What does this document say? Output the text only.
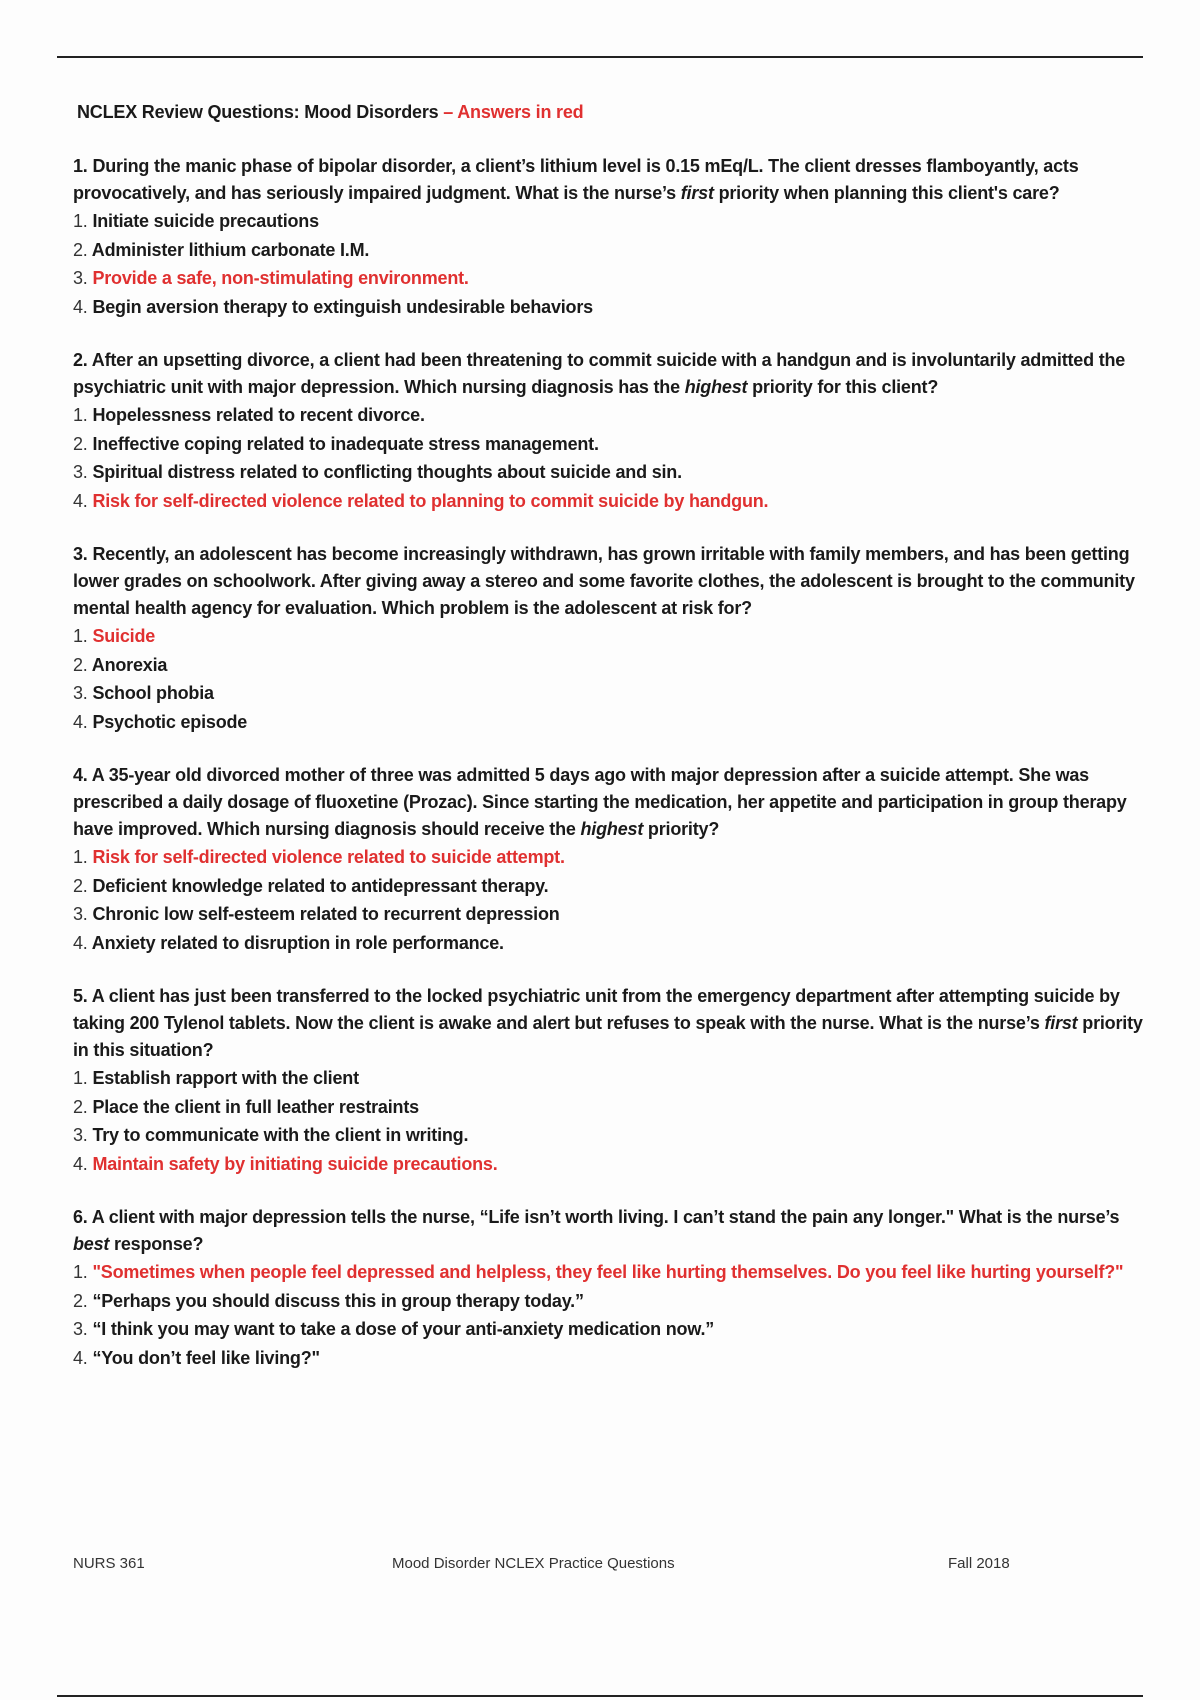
NCLEX Review Questions: Mood Disorders – Answers in red
1. During the manic phase of bipolar disorder, a client’s lithium level is 0.15 mEq/L. The client dresses flamboyantly, acts provocatively, and has seriously impaired judgment. What is the nurse’s first priority when planning this client's care?
1. Initiate suicide precautions
2. Administer lithium carbonate I.M.
3. Provide a safe, non-stimulating environment.
4. Begin aversion therapy to extinguish undesirable behaviors
2. After an upsetting divorce, a client had been threatening to commit suicide with a handgun and is involuntarily admitted the psychiatric unit with major depression. Which nursing diagnosis has the highest priority for this client?
1. Hopelessness related to recent divorce.
2. Ineffective coping related to inadequate stress management.
3. Spiritual distress related to conflicting thoughts about suicide and sin.
4. Risk for self-directed violence related to planning to commit suicide by handgun.
3. Recently, an adolescent has become increasingly withdrawn, has grown irritable with family members, and has been getting lower grades on schoolwork. After giving away a stereo and some favorite clothes, the adolescent is brought to the community mental health agency for evaluation. Which problem is the adolescent at risk for?
1. Suicide
2. Anorexia
3. School phobia
4. Psychotic episode
4. A 35-year old divorced mother of three was admitted 5 days ago with major depression after a suicide attempt. She was prescribed a daily dosage of fluoxetine (Prozac). Since starting the medication, her appetite and participation in group therapy have improved. Which nursing diagnosis should receive the highest priority?
1. Risk for self-directed violence related to suicide attempt.
2. Deficient knowledge related to antidepressant therapy.
3. Chronic low self-esteem related to recurrent depression
4. Anxiety related to disruption in role performance.
5. A client has just been transferred to the locked psychiatric unit from the emergency department after attempting suicide by taking 200 Tylenol tablets. Now the client is awake and alert but refuses to speak with the nurse. What is the nurse’s first priority in this situation?
1. Establish rapport with the client
2. Place the client in full leather restraints
3. Try to communicate with the client in writing.
4. Maintain safety by initiating suicide precautions.
6. A client with major depression tells the nurse, “Life isn’t worth living. I can’t stand the pain any longer." What is the nurse’s best response?
1. "Sometimes when people feel depressed and helpless, they feel like hurting themselves. Do you feel like hurting yourself?"
2. “Perhaps you should discuss this in group therapy today.”
3. “I think you may want to take a dose of your anti-anxiety medication now.”
4. “You don’t feel like living?"
NURS 361	Mood Disorder NCLEX Practice Questions	Fall 2018
